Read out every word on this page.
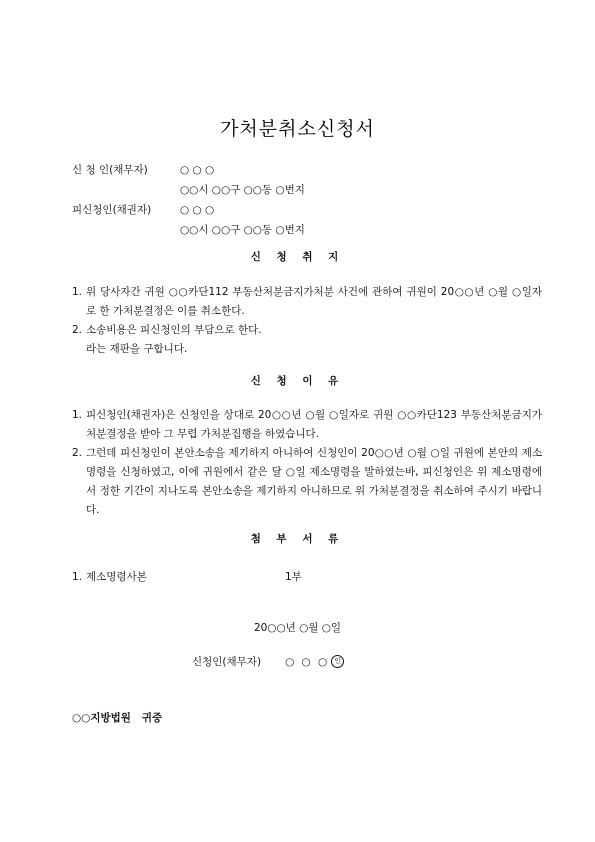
가처분취소신청서
신 청 인(채무자)	○ ○ ○
○○시 ○○구 ○○동 ○번지
피신청인(채권자)	○ ○ ○
○○시 ○○구 ○○동 ○번지
신 청 취 지
1. 위 당사자간 귀원 ○○카단112 부동산처분금지가처분 사건에 관하여 귀원이 20○○년 ○월 ○일자로 한 가처분결정은 이를 취소한다.
2. 소송비용은 피신청인의 부담으로 한다.
라는 재판을 구합니다.
신 청 이 유
1. 피신청인(채권자)은 신청인을 상대로 20○○년 ○월 ○일자로 귀원 ○○카단123 부동산처분금지가처분결정을 받아 그 무렵 가처분집행을 하였습니다.
2. 그런데 피신청인이 본안소송을 제기하지 아니하여 신청인이 20○○년 ○월 ○일 귀원에 본안의 제소명령을 신청하였고, 이에 귀원에서 같은 달 ○일 제소명령을 발하였는바, 피신청인은 위 제소명령에서 정한 기간이 지나도록 본안소송을 제기하지 아니하므로 위 가처분결정을 취소하여 주시기 바랍니다.
첨 부 서 류
1. 제소명령사본	1부
20○○년 ○월 ○일
신청인(채무자) ○ ○ ○ 인
○○지방법원   귀중
